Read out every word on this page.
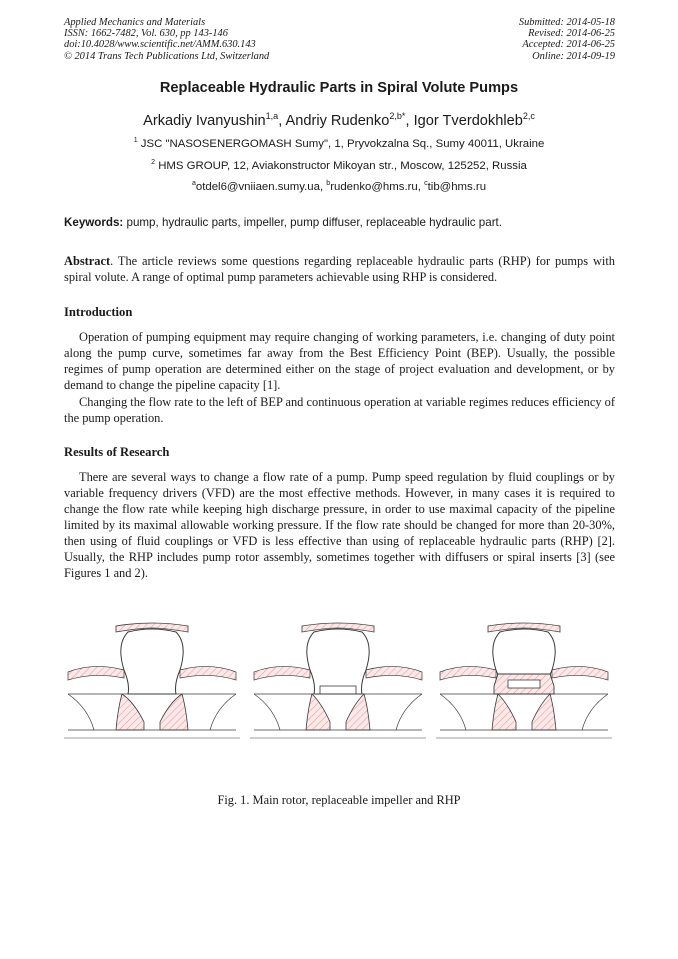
Applied Mechanics and Materials
ISSN: 1662-7482, Vol. 630, pp 143-146
doi:10.4028/www.scientific.net/AMM.630.143
© 2014 Trans Tech Publications Ltd, Switzerland
Submitted: 2014-05-18
Revised: 2014-06-25
Accepted: 2014-06-25
Online: 2014-09-19
Replaceable Hydraulic Parts in Spiral Volute Pumps
Arkadiy Ivanyushin$^{1,a}$, Andriy Rudenko$^{2,b*}$, Igor Tverdokhleb$^{2,c}$
$^1$ JSC "NASOSENERGOMASH Sumy", 1, Pryvokzalna Sq., Sumy 40011, Ukraine
$^2$ HMS GROUP, 12, Aviakonstructor Mikoyan str., Moscow, 125252, Russia
$^a$otdel6@vniiaen.sumy.ua, $^b$rudenko@hms.ru, $^c$tib@hms.ru
Keywords: pump, hydraulic parts, impeller, pump diffuser, replaceable hydraulic part.
Abstract. The article reviews some questions regarding replaceable hydraulic parts (RHP) for pumps with spiral volute. A range of optimal pump parameters achievable using RHP is considered.
Introduction
Operation of pumping equipment may require changing of working parameters, i.e. changing of duty point along the pump curve, sometimes far away from the Best Efficiency Point (BEP). Usually, the possible regimes of pump operation are determined either on the stage of project evaluation and development, or by demand to change the pipeline capacity [1].
Changing the flow rate to the left of BEP and continuous operation at variable regimes reduces efficiency of the pump operation.
Results of Research
There are several ways to change a flow rate of a pump. Pump speed regulation by fluid couplings or by variable frequency drivers (VFD) are the most effective methods. However, in many cases it is required to change the flow rate while keeping high discharge pressure, in order to use maximal capacity of the pipeline limited by its maximal allowable working pressure. If the flow rate should be changed for more than 20-30%, then using of fluid couplings or VFD is less effective than using of replaceable hydraulic parts (RHP) [2]. Usually, the RHP includes pump rotor assembly, sometimes together with diffusers or spiral inserts [3] (see Figures 1 and 2).
Fig. 1. Main rotor, replaceable impeller and RHP
